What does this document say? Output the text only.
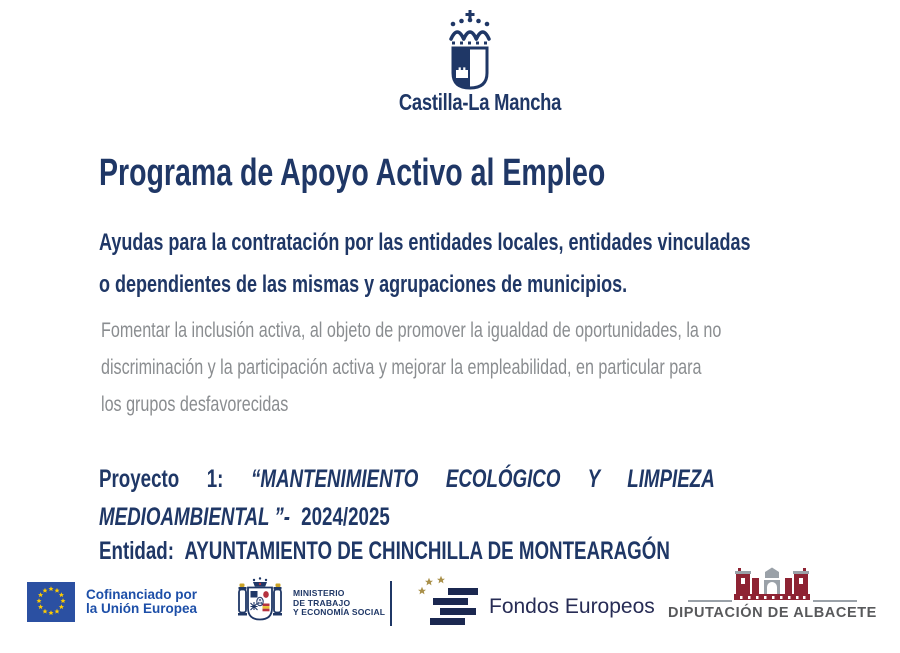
Castilla-La Mancha
Programa de Apoyo Activo al Empleo
Ayudas para la contratación por las entidades locales, entidades vinculadas
o dependientes de las mismas y agrupaciones de municipios.
Fomentar la inclusión activa, al objeto de promover la igualdad de oportunidades, la no
discriminación y la participación activa y mejorar la empleabilidad, en particular para
los grupos desfavorecidas
Proyecto 1: “MANTENIMIENTO ECOLÓGICO Y LIMPIEZA
MEDIOAMBIENTAL ”- 2024/2025
Entidad: AYUNTAMIENTO DE CHINCHILLA DE MONTEARAGÓN
Cofinanciado por
la Unión Europea
MINISTERIO
DE TRABAJO
Y ECONOMÍA SOCIAL	Fondos Europeos DIPUTACIÓN DE ALBACETE
